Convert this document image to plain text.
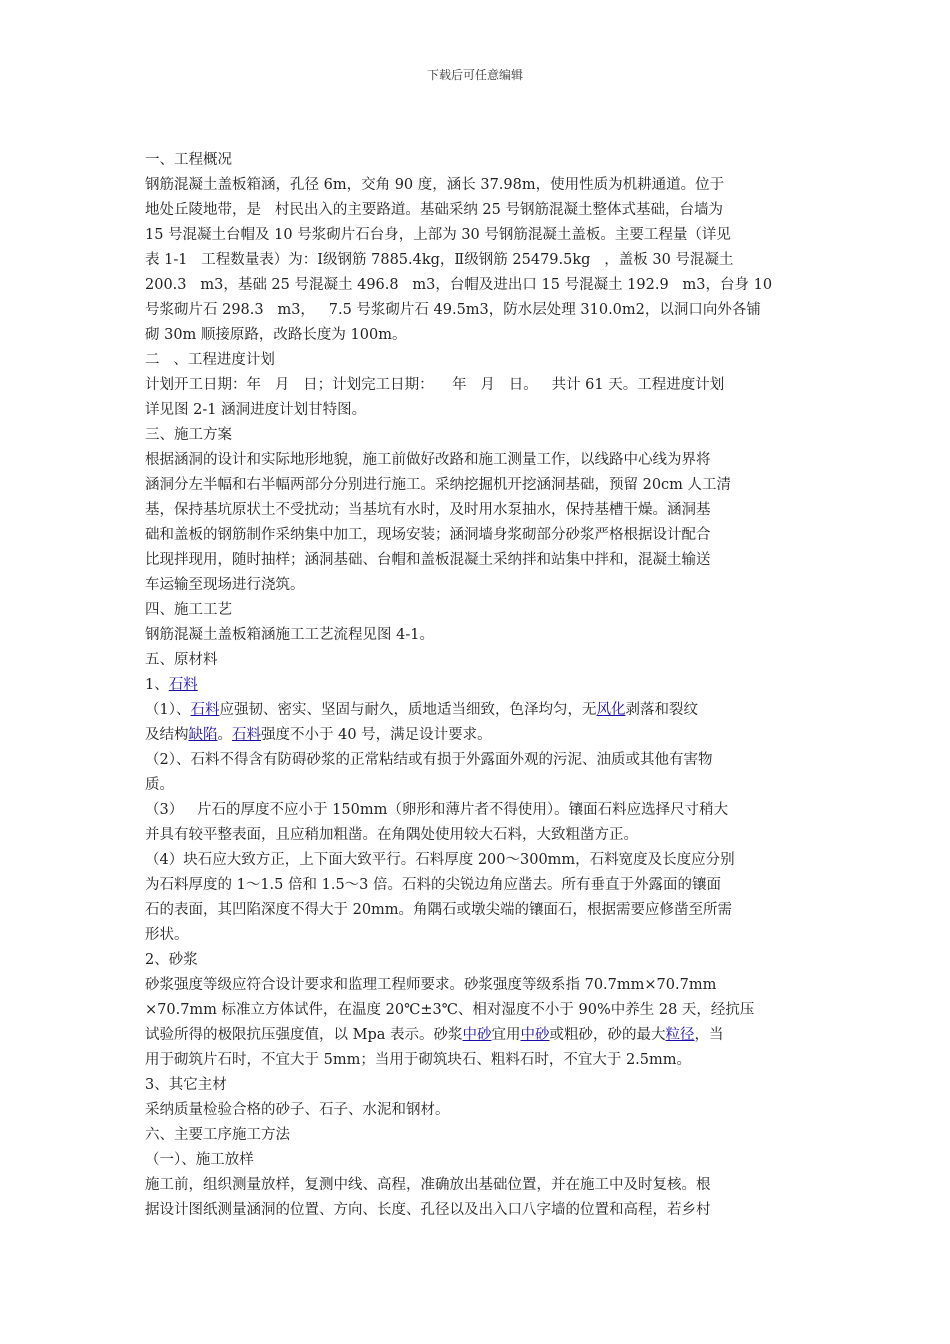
下载后可任意编辑
一、工程概况
钢筋混凝土盖板箱涵，孔径 6m，交角 90 度，涵长 37.98m，使用性质为机耕通道。位于
地处丘陵地带，是   村民出入的主要路道。基础采纳 25 号钢筋混凝土整体式基础，台墙为
15 号混凝土台帽及 10 号浆砌片石台身，上部为 30 号钢筋混凝土盖板。主要工程量（详见
表 1-1   工程数量表）为：Ⅰ级钢筋 7885.4kg，Ⅱ级钢筋 25479.5kg   ，盖板 30 号混凝土
200.3   m3，基础 25 号混凝土 496.8   m3，台帽及进出口 15 号混凝土 192.9   m3，台身 10
号浆砌片石 298.3   m3，   7.5 号浆砌片石 49.5m3，防水层处理 310.0m2，以洞口向外各铺
砌 30m 顺接原路，改路长度为 100m。
二   、工程进度计划
计划开工日期：年   月   日；计划完工日期：    年   月   日。   共计 61 天。工程进度计划
详见图 2-1 涵洞进度计划甘特图。
三、施工方案
根据涵洞的设计和实际地形地貌，施工前做好改路和施工测量工作，以线路中心线为界将
涵洞分左半幅和右半幅两部分分别进行施工。采纳挖掘机开挖涵洞基础，预留 20cm 人工清
基，保持基坑原状土不受扰动；当基坑有水时，及时用水泵抽水，保持基槽干燥。涵洞基
础和盖板的钢筋制作采纳集中加工，现场安装；涵洞墙身浆砌部分砂浆严格根据设计配合
比现拌现用，随时抽样；涵洞基础、台帽和盖板混凝土采纳拌和站集中拌和，混凝土输送
车运输至现场进行浇筑。
四、施工工艺
钢筋混凝土盖板箱涵施工工艺流程见图 4-1。
五、原材料
1、石料
（1）、石料应强韧、密实、坚固与耐久，质地适当细致，色泽均匀，无风化剥落和裂纹
及结构缺陷。石料强度不小于 40 号，满足设计要求。
（2）、石料不得含有防碍砂浆的正常粘结或有损于外露面外观的污泥、油质或其他有害物
质。
（3）   片石的厚度不应小于 150mm（卵形和薄片者不得使用）。镶面石料应选择尺寸稍大
并具有较平整表面，且应稍加粗凿。在角隅处使用较大石料，大致粗凿方正。
（4）块石应大致方正，上下面大致平行。石料厚度 200～300mm，石料宽度及长度应分别
为石料厚度的 1～1.5 倍和 1.5～3 倍。石料的尖锐边角应凿去。所有垂直于外露面的镶面
石的表面，其凹陷深度不得大于 20mm。角隅石或墩尖端的镶面石，根据需要应修凿至所需
形状。
2、砂浆
砂浆强度等级应符合设计要求和监理工程师要求。砂浆强度等级系指 70.7mm×70.7mm
×70.7mm 标准立方体试件，在温度 20℃±3℃、相对湿度不小于 90%中养生 28 天，经抗压
试验所得的极限抗压强度值，以 Mpa 表示。砂浆中砂宜用中砂或粗砂，砂的最大粒径，当
用于砌筑片石时，不宜大于 5mm；当用于砌筑块石、粗料石时，不宜大于 2.5mm。
3、其它主材
采纳质量检验合格的砂子、石子、水泥和钢材。
六、主要工序施工方法
（一）、施工放样
施工前，组织测量放样，复测中线、高程，准确放出基础位置，并在施工中及时复核。根
据设计图纸测量涵洞的位置、方向、长度、孔径以及出入口八字墙的位置和高程，若乡村
